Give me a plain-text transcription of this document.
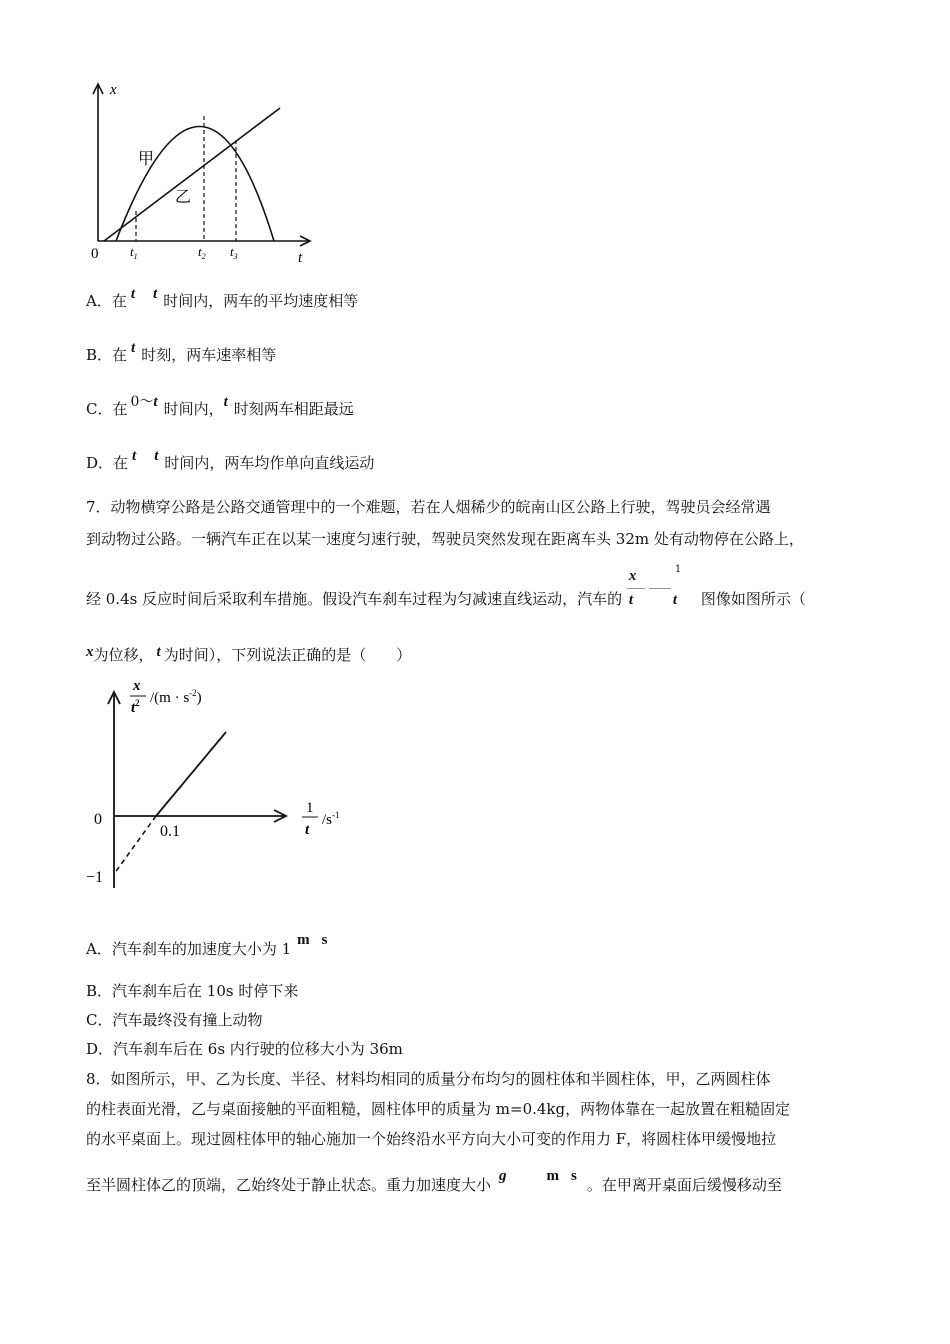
x
t
0
甲
乙
$t_1$	$t_2$ $t_3$
A．在 t t 时间内，两车的平均速度相等
B．在 t 时刻，两车速率相等
C．在 0～t 时间内，t 时刻两车相距最远
D．在 t t 时间内，两车均作单向直线运动
7．动物横穿公路是公路交通管理中的一个难题，若在人烟稀少的皖南山区公路上行驶，驾驶员会经常遇
到动物过公路。一辆汽车正在以某一速度匀速行驶，驾驶员突然发现在距离车头 32m 处有动物停在公路上，
经 0.4s 反应时间后采取利车措施。假设汽车刹车过程为匀减速直线运动，汽车的
x
t
1
t 图像如图所示（
x为位移， t 为时间），下列说法正确的是（　　）
x
$t^2$ $/(m \cdot s^{-2})$
1
t
$/s^{-1}$
0
0.1
−1
A．汽车刹车的加速度大小为 1 m s
B．汽车刹车后在 10s 时停下来
C．汽车最终没有撞上动物
D．汽车刹车后在 6s 内行驶的位移大小为 36m
8．如图所示，甲、乙为长度、半径、材料均相同的质量分布均匀的圆柱体和半圆柱体，甲，乙两圆柱体
的柱表面光滑，乙与桌面接触的平面粗糙，圆柱体甲的质量为 m=0.4kg，两物体靠在一起放置在粗糙固定
的水平桌面上。现过圆柱体甲的轴心施加一个始终沿水平方向大小可变的作用力 F，将圆柱体甲缓慢地拉
至半圆柱体乙的顶端，乙始终处于静止状态。重力加速度大小 g	m s 。在甲离开桌面后缓慢移动至
